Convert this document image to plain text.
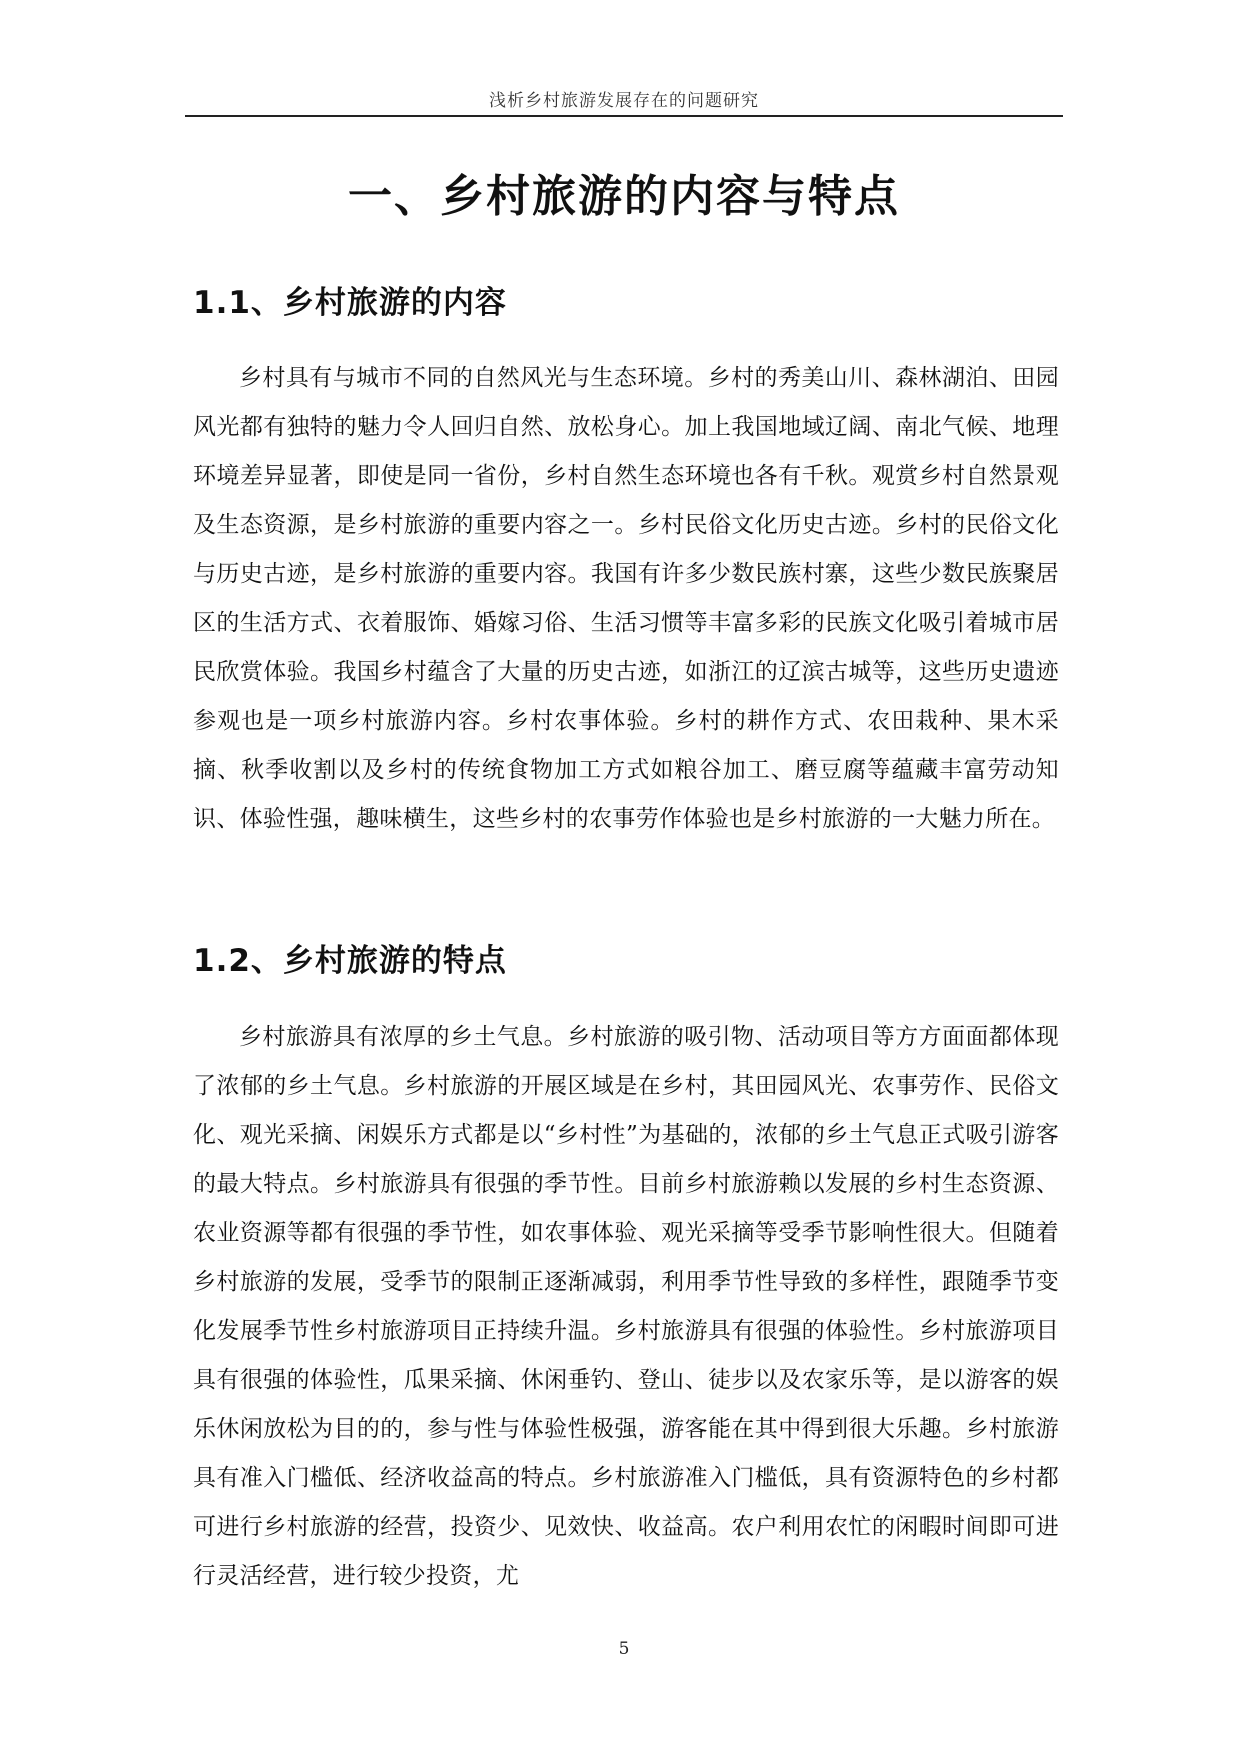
浅析乡村旅游发展存在的问题研究
一、乡村旅游的内容与特点
1.1、乡村旅游的内容

乡村具有与城市不同的自然风光与生态环境。乡村的秀美山川、森林湖泊、田园风光都有独特的魅力令人回归自然、放松身心。加上我国地域辽阔、南北气候、地理环境差异显著，即使是同一省份，乡村自然生态环境也各有千秋。观赏乡村自然景观及生态资源，是乡村旅游的重要内容之一。乡村民俗文化历史古迹。乡村的民俗文化与历史古迹，是乡村旅游的重要内容。我国有许多少数民族村寨，这些少数民族聚居区的生活方式、衣着服饰、婚嫁习俗、生活习惯等丰富多彩的民族文化吸引着城市居民欣赏体验。我国乡村蕴含了大量的历史古迹，如浙江的辽滨古城等，这些历史遗迹参观也是一项乡村旅游内容。乡村农事体验。乡村的耕作方式、农田栽种、果木采摘、秋季收割以及乡村的传统食物加工方式如粮谷加工、磨豆腐等蕴藏丰富劳动知识、体验性强，趣味横生，这些乡村的农事劳作体验也是乡村旅游的一大魅力所在。

1.2、乡村旅游的特点

乡村旅游具有浓厚的乡土气息。乡村旅游的吸引物、活动项目等方方面面都体现了浓郁的乡土气息。乡村旅游的开展区域是在乡村，其田园风光、农事劳作、民俗文化、观光采摘、闲娱乐方式都是以“乡村性”为基础的，浓郁的乡土气息正式吸引游客的最大特点。乡村旅游具有很强的季节性。目前乡村旅游赖以发展的乡村生态资源、农业资源等都有很强的季节性，如农事体验、观光采摘等受季节影响性很大。但随着乡村旅游的发展，受季节的限制正逐渐减弱，利用季节性导致的多样性，跟随季节变化发展季节性乡村旅游项目正持续升温。乡村旅游具有很强的体验性。乡村旅游项目具有很强的体验性，瓜果采摘、休闲垂钓、登山、徒步以及农家乐等，是以游客的娱乐休闲放松为目的的，参与性与体验性极强，游客能在其中得到很大乐趣。乡村旅游具有准入门槛低、经济收益高的特点。乡村旅游准入门槛低，具有资源特色的乡村都可进行乡村旅游的经营，投资少、见效快、收益高。农户利用农忙的闲暇时间即可进行灵活经营，进行较少投资，尤

5
